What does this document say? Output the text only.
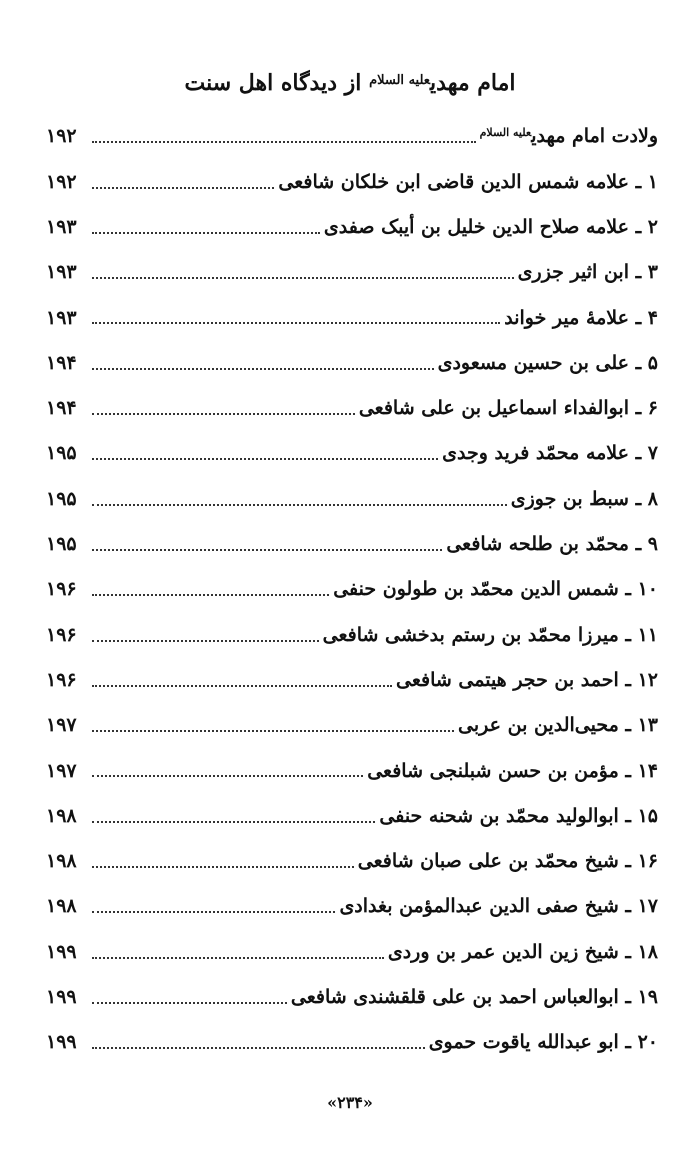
امام مهدی$^{عليه السلام}$ از دیدگاه اهل سنت
ولادت امام مهدی$^{عليه السلام}$
۱۹۲
۱ ـ علامه شمس الدین قاضی ابن خلکان شافعی
۱۹۲
۲ ـ علامه صلاح الدین خلیل بن أیبک صفدی
۱۹۳
۳ ـ ابن اثیر جزری
۱۹۳
۴ ـ علامهٔ میر خواند
۱۹۳
۵ ـ علی بن حسین مسعودی
۱۹۴
۶ ـ ابوالفداء اسماعیل بن علی شافعی
۱۹۴
۷ ـ علامه محمّد فرید وجدی
۱۹۵
۸ ـ سبط بن جوزی
۱۹۵
۹ ـ محمّد بن طلحه شافعی
۱۹۵
۱۰ ـ شمس الدین محمّد بن طولون حنفی
۱۹۶
۱۱ ـ میرزا محمّد بن رستم بدخشی شافعی
۱۹۶
۱۲ ـ احمد بن حجر هیتمی شافعی
۱۹۶
۱۳ ـ محیی‌الدین بن عربی
۱۹۷
۱۴ ـ مؤمن بن حسن شبلنجی شافعی
۱۹۷
۱۵ ـ ابوالولید محمّد بن شحنه حنفی
۱۹۸
۱۶ ـ شیخ محمّد بن علی صبان شافعی
۱۹۸
۱۷ ـ شیخ صفی الدین عبدالمؤمن بغدادی
۱۹۸
۱۸ ـ شیخ زین الدین عمر بن وردی
۱۹۹
۱۹ ـ ابوالعباس احمد بن علی قلقشندی شافعی
۱۹۹
۲۰ ـ ابو عبدالله یاقوت حموی
۱۹۹
«۲۳۴»
